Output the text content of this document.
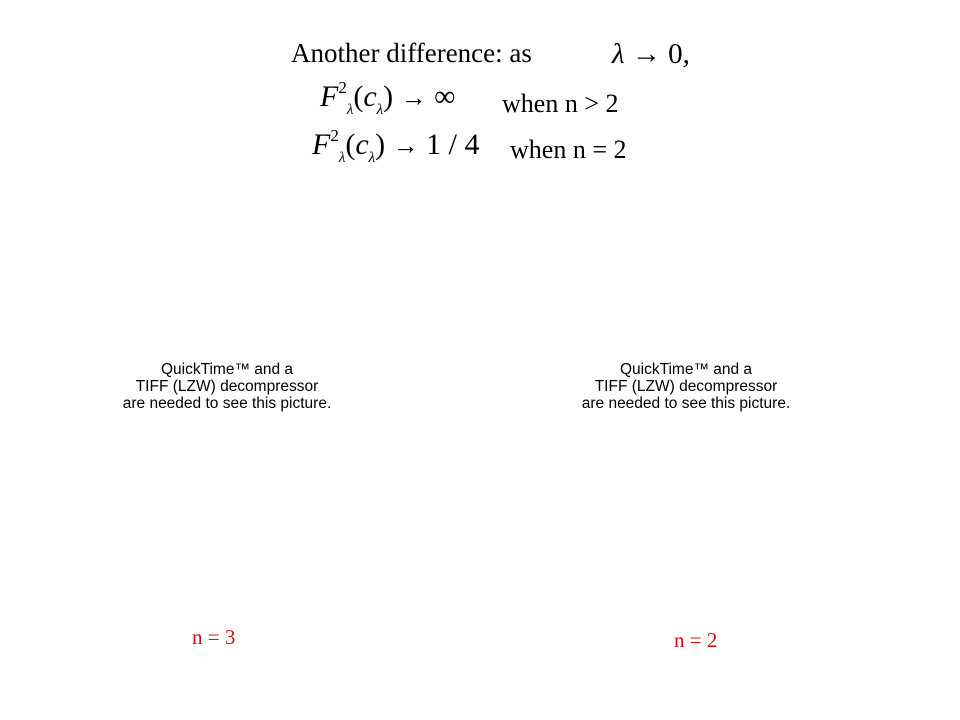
Another difference: as	λ → 0,
$F^2_\lambda(c_\lambda)$ → ∞ when n > 2
$F^2_\lambda(c_\lambda) \to 1 / 4$ when n = 2
QuickTime™ and a
TIFF (LZW) decompressor
are needed to see this picture.
QuickTime™ and a
TIFF (LZW) decompressor
are needed to see this picture.
n = 3	n = 2
